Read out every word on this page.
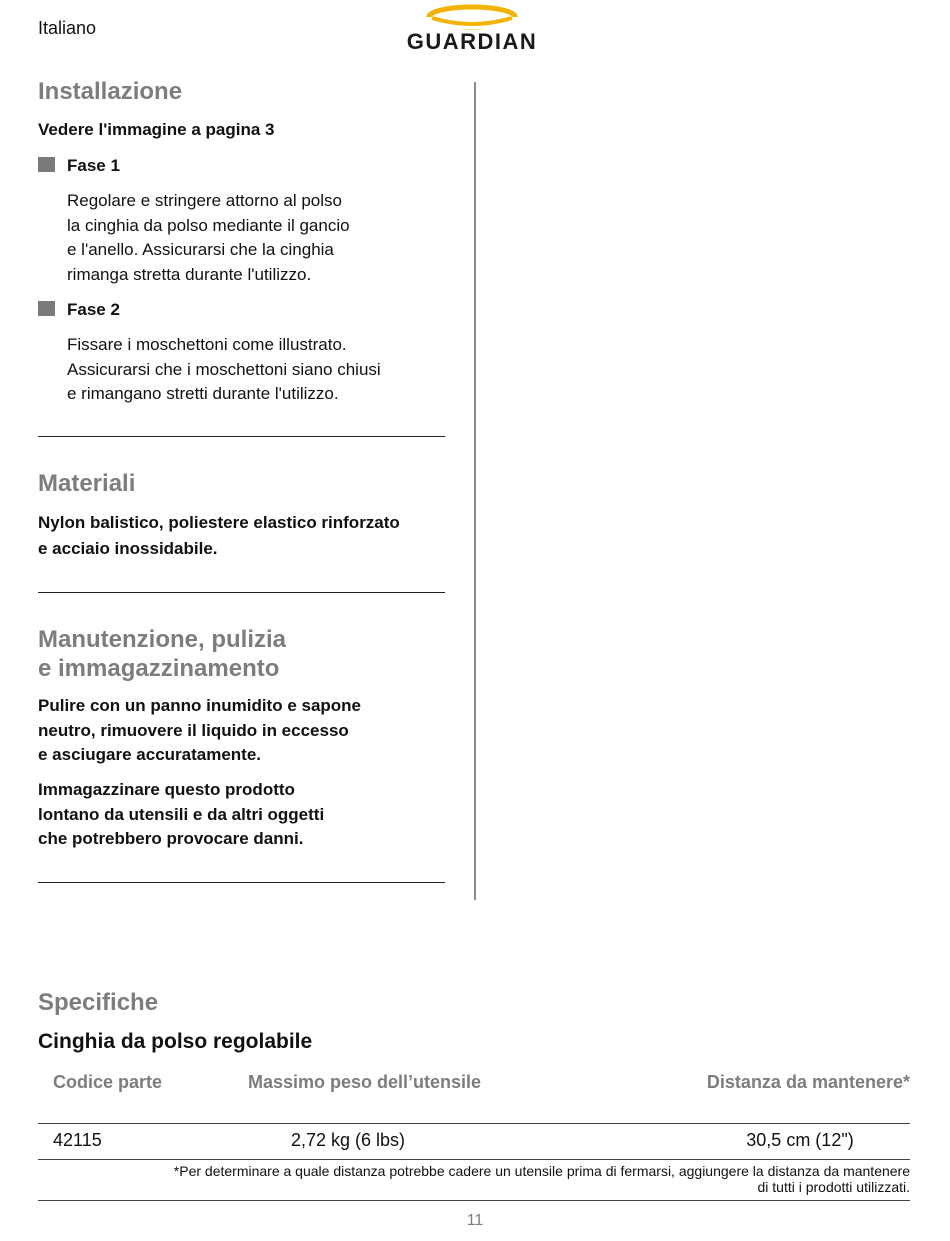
Italiano
GUARDIAN
Installazione
Vedere l'immagine a pagina 3
Fase 1
Regolare e stringere attorno al polso
la cinghia da polso mediante il gancio
e l'anello. Assicurarsi che la cinghia
rimanga stretta durante l'utilizzo.
Fase 2
Fissare i moschettoni come illustrato.
Assicurarsi che i moschettoni siano chiusi
e rimangano stretti durante l'utilizzo.
Materiali
Nylon balistico, poliestere elastico rinforzato
e acciaio inossidabile.
Manutenzione, pulizia
e immagazzinamento
Pulire con un panno inumidito e sapone
neutro, rimuovere il liquido in eccesso
e asciugare accuratamente.
Immagazzinare questo prodotto
lontano da utensili e da altri oggetti
che potrebbero provocare danni.
Specifiche
Cinghia da polso regolabile
Codice parte	Massimo peso dell’utensile	Distanza da mantenere*
42115	2,72 kg (6 lbs)	30,5 cm (12")
*Per determinare a quale distanza potrebbe cadere un utensile prima di fermarsi, aggiungere la distanza da mantenere
di tutti i prodotti utilizzati.
11
